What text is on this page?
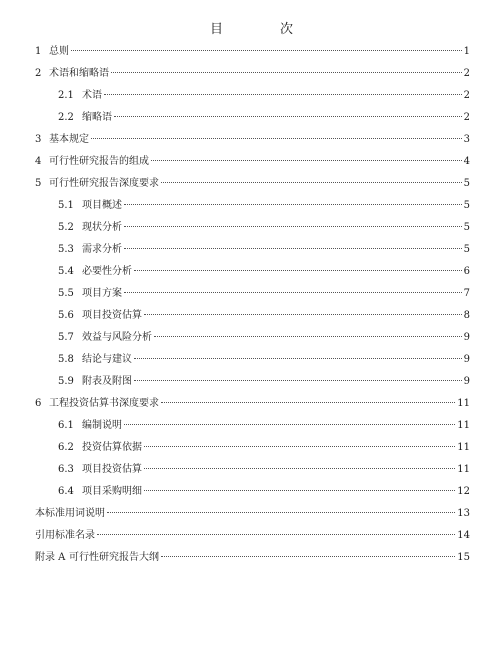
目　次
1 总则	1
2 术语和缩略语	2
2.1 术语	2
2.2 缩略语	2
3 基本规定	3
4 可行性研究报告的组成	4
5 可行性研究报告深度要求	5
5.1 项目概述	5
5.2 现状分析	5
5.3 需求分析	5
5.4 必要性分析	6
5.5 项目方案	7
5.6 项目投资估算	8
5.7 效益与风险分析	9
5.8 结论与建议	9
5.9 附表及附图	9
6 工程投资估算书深度要求	11
6.1 编制说明	11
6.2 投资估算依据	11
6.3 项目投资估算	11
6.4 项目采购明细	12
本标准用词说明	13
引用标准名录	14
附录 A 可行性研究报告大纲	15
